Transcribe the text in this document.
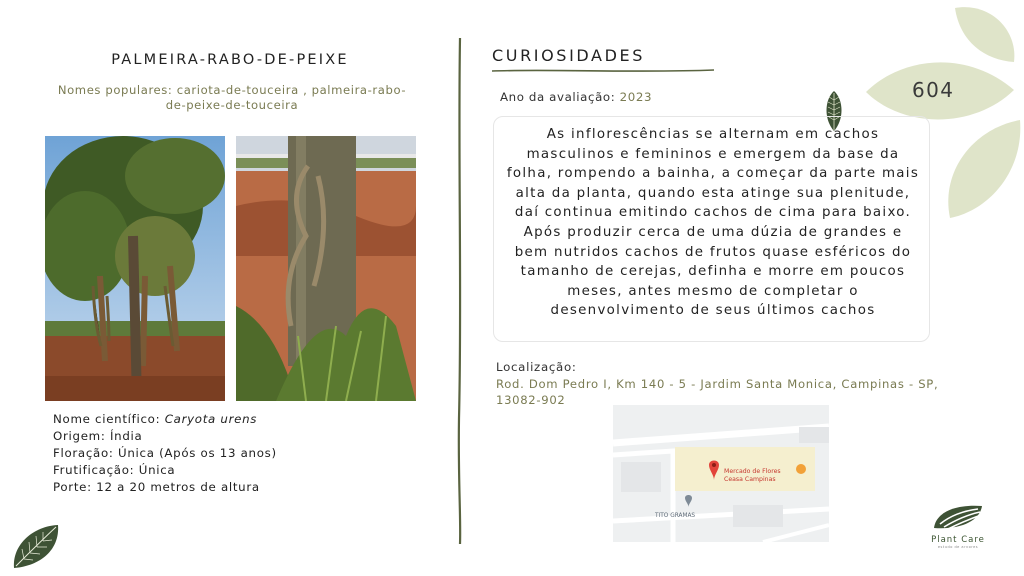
PALMEIRA-RABO-DE-PEIXE
Nomes populares: cariota-de-touceira , palmeira-rabo-
de-peixe-de-touceira
Nome científico: Caryota urens
Origem: Índia
Floração: Única (Após os 13 anos)
Frutificação: Única
Porte: 12 a 20 metros de altura
CURIOSIDADES
Ano da avaliação: 2023
As inflorescências se alternam em cachos
masculinos e femininos e emergem da base da
folha, rompendo a bainha, a começar da parte mais
alta da planta, quando esta atinge sua plenitude,
daí continua emitindo cachos de cima para baixo.
Após produzir cerca de uma dúzia de grandes e
bem nutridos cachos de frutos quase esféricos do
tamanho de cerejas, definha e morre em poucos
meses, antes mesmo de completar o
desenvolvimento de seus últimos cachos
604
Localização:
Rod. Dom Pedro I, Km 140 - 5 - Jardim Santa Monica, Campinas - SP,
13082-902
Mercado de Flores
Ceasa Campinas
TITO GRAMAS
Plant Care
estudo de arvores
